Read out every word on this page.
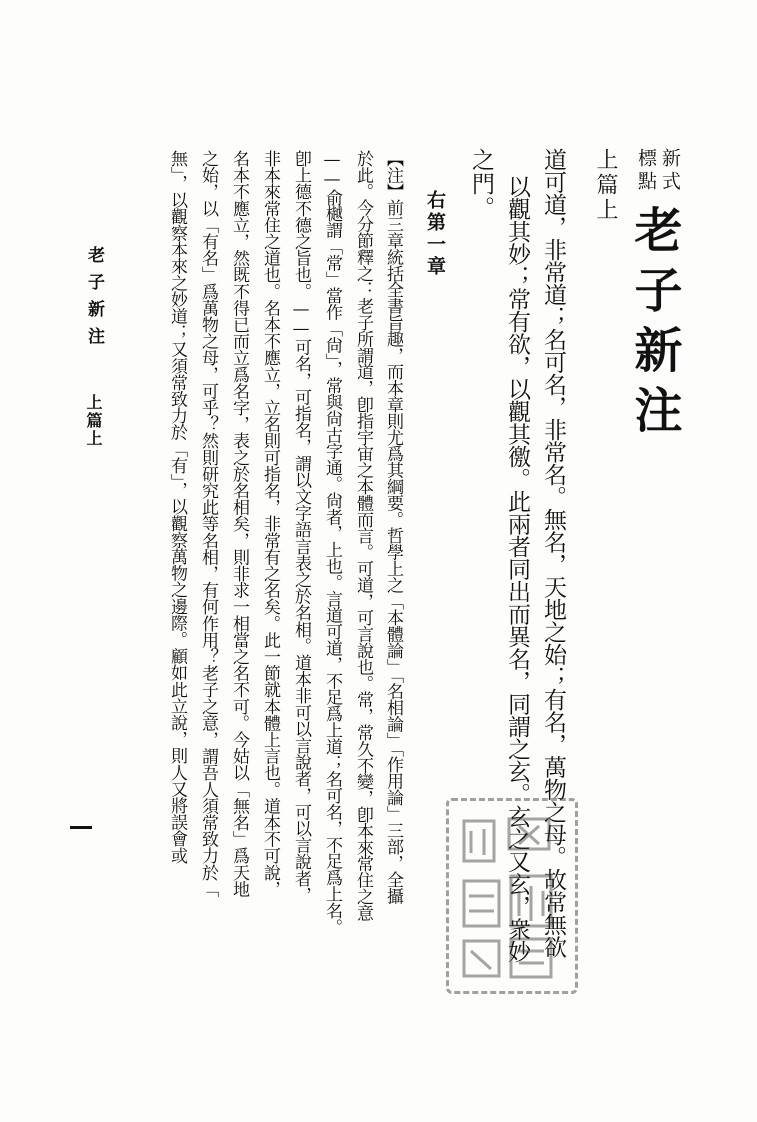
新式
標點
老子新注
上篇上
道可道，非常道；名可名，非常名。無名，天地之始；有名，萬物之母。故常無欲
以觀其妙；常有欲，以觀其徼。此兩者同出而異名，同謂之玄。玄之又玄，衆妙
之門。
右第一章
【注】前三章統括全書旨趣，而本章則尤爲其綱要。哲學上之「本體論」「名相論」「作用論」三部，全攝
於此。今分節釋之：老子所謂道，卽指宇宙之本體而言。可道，可言說也。常，常久不變，卽本來常住之意
——俞樾謂「常」當作「尙」，常與尙古字通。尙者，上也。言道可道，不足爲上道；名可名，不足爲上名。
卽上德不德之旨也。——可名，可指名，謂以文字語言表之於名相。道本非可以言說者，可以言說者，
非本來常住之道也。名本不應立，立名則可指名，非常有之名矣。此一節就本體上言也。道本不可說，
名本不應立，然既不得已而立爲名字，表之於名相矣，則非求一相當之名不可。今姑以「無名」爲天地
之始，以「有名」爲萬物之母，可乎？然則研究此等名相，有何作用？老子之意，謂吾人須常致力於「
無」，以觀察本來之妙道；又須常致力於「有」，以觀察萬物之邊際。顧如此立說，則人又將誤會或
老子新注
上篇上
